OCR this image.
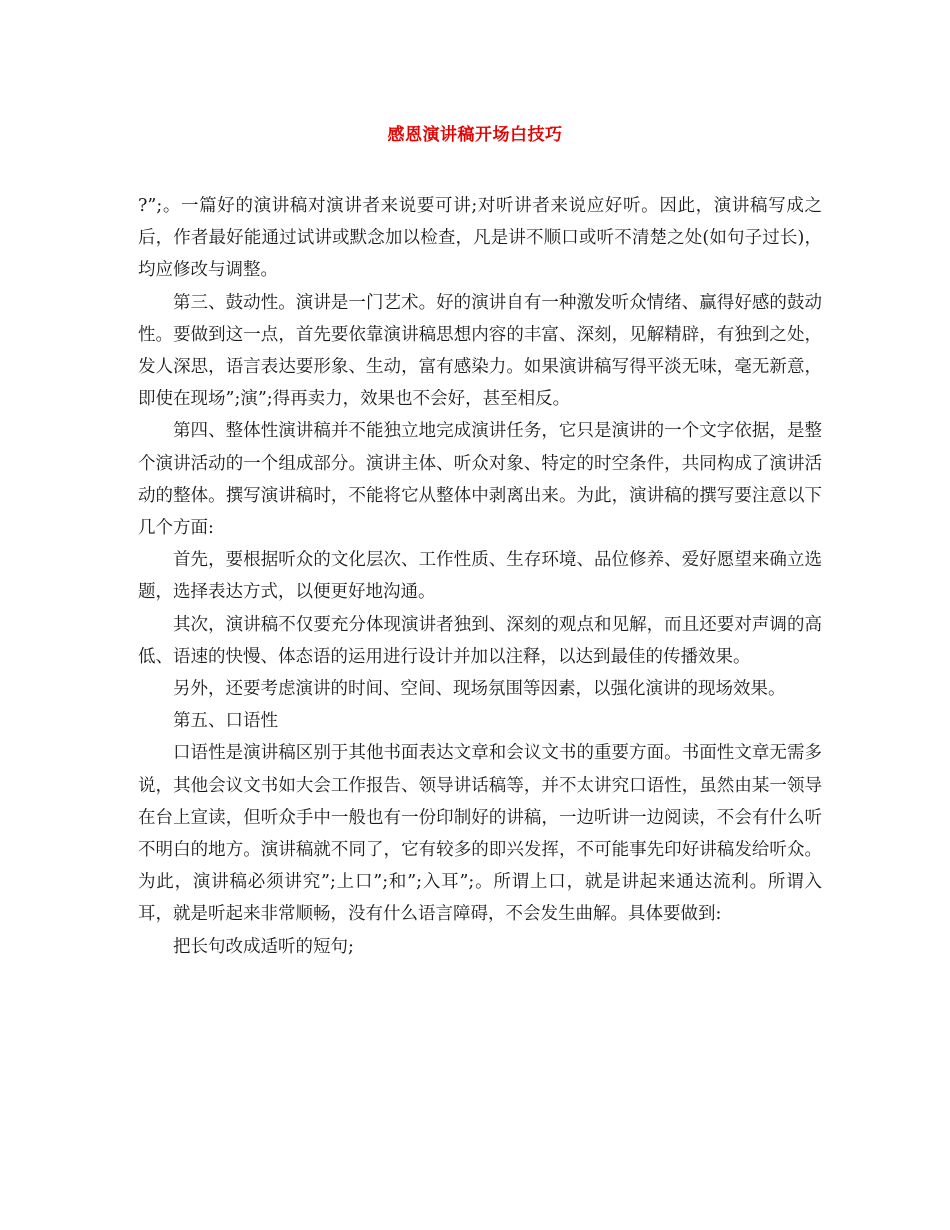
感恩演讲稿开场白技巧

?”;。一篇好的演讲稿对演讲者来说要可讲;对听讲者来说应好听。因此，演讲稿写成之后，作者最好能通过试讲或默念加以检查，凡是讲不顺口或听不清楚之处(如句子过长)，均应修改与调整。

第三、鼓动性。演讲是一门艺术。好的演讲自有一种激发听众情绪、赢得好感的鼓动性。要做到这一点，首先要依靠演讲稿思想内容的丰富、深刻，见解精辟，有独到之处，发人深思，语言表达要形象、生动，富有感染力。如果演讲稿写得平淡无味，毫无新意，即使在现场”;演”;得再卖力，效果也不会好，甚至相反。

第四、整体性演讲稿并不能独立地完成演讲任务，它只是演讲的一个文字依据，是整个演讲活动的一个组成部分。演讲主体、听众对象、特定的时空条件，共同构成了演讲活动的整体。撰写演讲稿时，不能将它从整体中剥离出来。为此，演讲稿的撰写要注意以下几个方面:

首先，要根据听众的文化层次、工作性质、生存环境、品位修养、爱好愿望来确立选题，选择表达方式，以便更好地沟通。

其次，演讲稿不仅要充分体现演讲者独到、深刻的观点和见解，而且还要对声调的高低、语速的快慢、体态语的运用进行设计并加以注释，以达到最佳的传播效果。

另外，还要考虑演讲的时间、空间、现场氛围等因素，以强化演讲的现场效果。

第五、口语性

口语性是演讲稿区别于其他书面表达文章和会议文书的重要方面。书面性文章无需多说，其他会议文书如大会工作报告、领导讲话稿等，并不太讲究口语性，虽然由某一领导在台上宣读，但听众手中一般也有一份印制好的讲稿，一边听讲一边阅读，不会有什么听不明白的地方。演讲稿就不同了，它有较多的即兴发挥，不可能事先印好讲稿发给听众。为此，演讲稿必须讲究”;上口”;和”;入耳”;。所谓上口，就是讲起来通达流利。所谓入耳，就是听起来非常顺畅，没有什么语言障碍，不会发生曲解。具体要做到:

把长句改成适听的短句;
